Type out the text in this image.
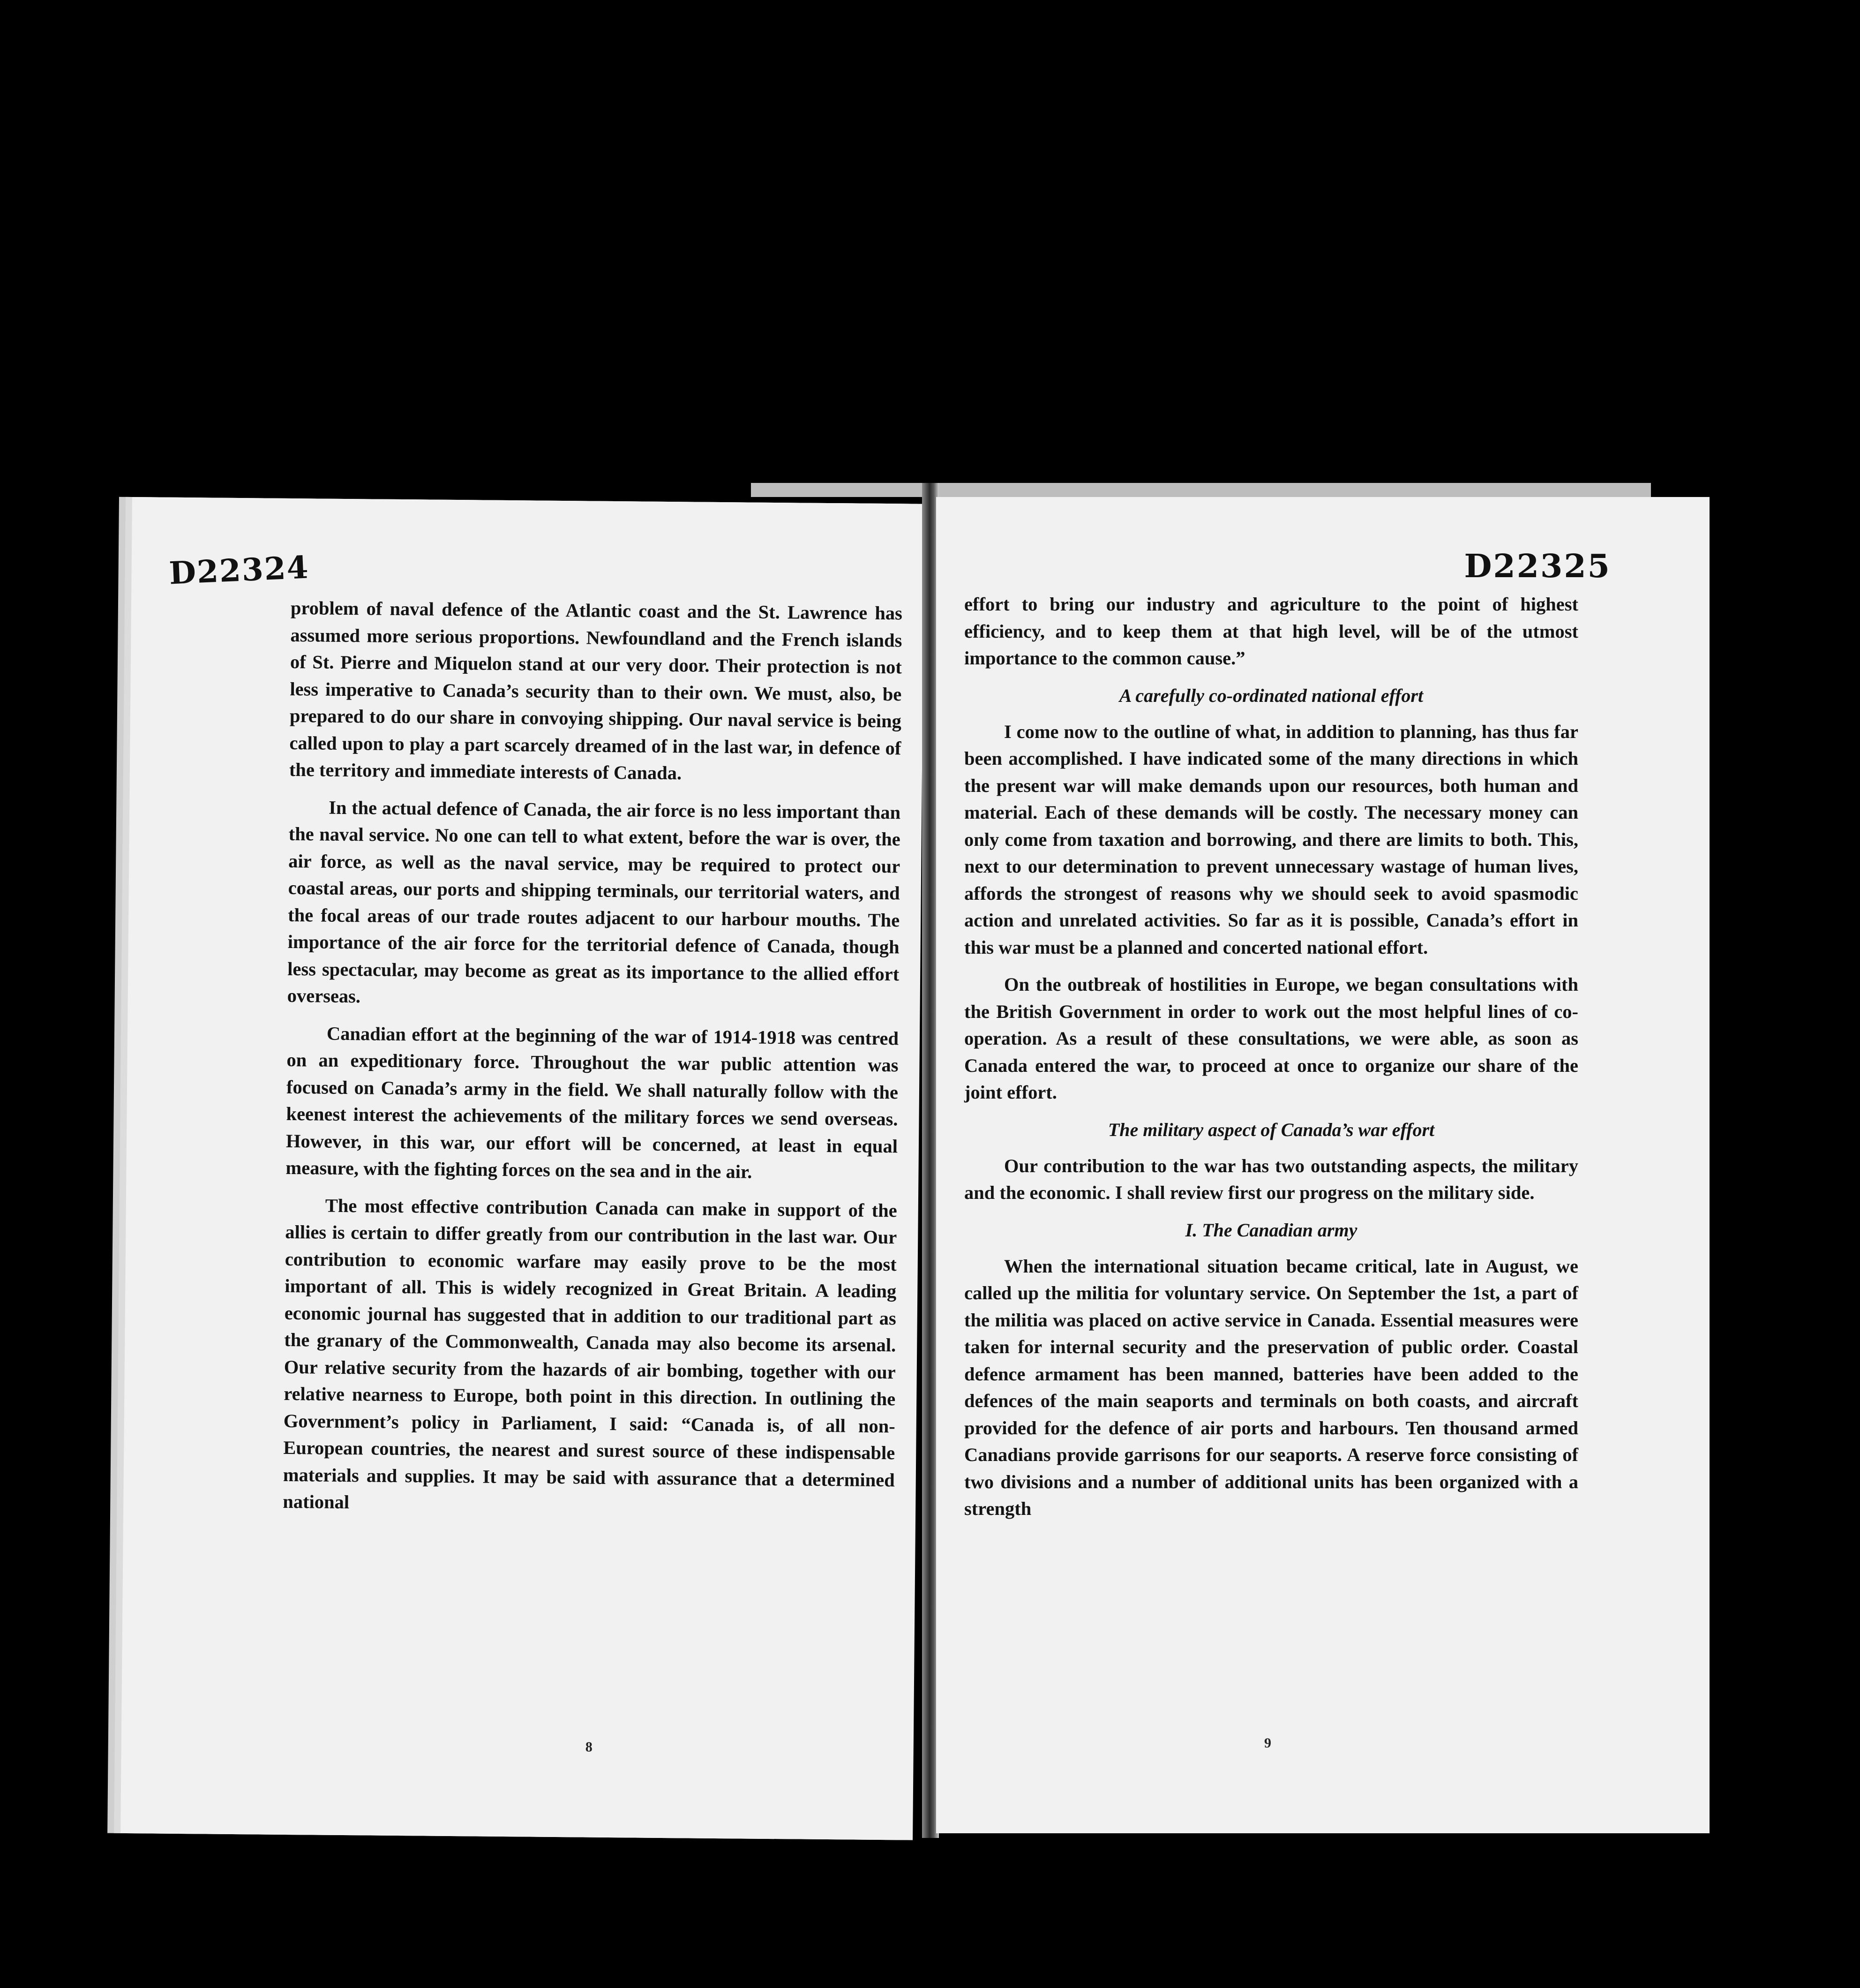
D22324

problem of naval defence of the Atlantic coast and the St. Lawrence has assumed more serious proportions. Newfoundland and the French islands of St. Pierre and Miquelon stand at our very door. Their protection is not less imperative to Canada’s security than to their own. We must, also, be prepared to do our share in convoying shipping. Our naval service is being called upon to play a part scarcely dreamed of in the last war, in defence of the territory and immediate interests of Canada.

In the actual defence of Canada, the air force is no less important than the naval service. No one can tell to what extent, before the war is over, the air force, as well as the naval service, may be required to protect our coastal areas, our ports and shipping terminals, our territorial waters, and the focal areas of our trade routes adjacent to our harbour mouths. The importance of the air force for the territorial defence of Canada, though less spectacular, may become as great as its importance to the allied effort overseas.

Canadian effort at the beginning of the war of 1914-1918 was centred on an expeditionary force. Throughout the war public attention was focused on Canada’s army in the field. We shall naturally follow with the keenest interest the achievements of the military forces we send overseas. However, in this war, our effort will be concerned, at least in equal measure, with the fighting forces on the sea and in the air.

The most effective contribution Canada can make in support of the allies is certain to differ greatly from our contribution in the last war. Our contribution to economic warfare may easily prove to be the most important of all. This is widely recognized in Great Britain. A leading economic journal has suggested that in addition to our traditional part as the granary of the Commonwealth, Canada may also become its arsenal. Our relative security from the hazards of air bombing, together with our relative nearness to Europe, both point in this direction. In outlining the Government’s policy in Parliament, I said: “Canada is, of all non-European countries, the nearest and surest source of these indispensable materials and supplies. It may be said with assurance that a determined national

8
D22325

effort to bring our industry and agriculture to the point of highest efficiency, and to keep them at that high level, will be of the utmost importance to the common cause.”

A carefully co-ordinated national effort

I come now to the outline of what, in addition to planning, has thus far been accomplished. I have indicated some of the many directions in which the present war will make demands upon our resources, both human and material. Each of these demands will be costly. The necessary money can only come from taxation and borrowing, and there are limits to both. This, next to our determination to prevent unnecessary wastage of human lives, affords the strongest of reasons why we should seek to avoid spasmodic action and unrelated activities. So far as it is possible, Canada’s effort in this war must be a planned and concerted national effort.

On the outbreak of hostilities in Europe, we began consultations with the British Government in order to work out the most helpful lines of co-operation. As a result of these consultations, we were able, as soon as Canada entered the war, to proceed at once to organize our share of the joint effort.

The military aspect of Canada’s war effort

Our contribution to the war has two outstanding aspects, the military and the economic. I shall review first our progress on the military side.

I. The Canadian army

When the international situation became critical, late in August, we called up the militia for voluntary service. On September the 1st, a part of the militia was placed on active service in Canada. Essential measures were taken for internal security and the preservation of public order. Coastal defence armament has been manned, batteries have been added to the defences of the main seaports and terminals on both coasts, and aircraft provided for the defence of air ports and harbours. Ten thousand armed Canadians provide garrisons for our seaports. A reserve force consisting of two divisions and a number of additional units has been organized with a strength

9
